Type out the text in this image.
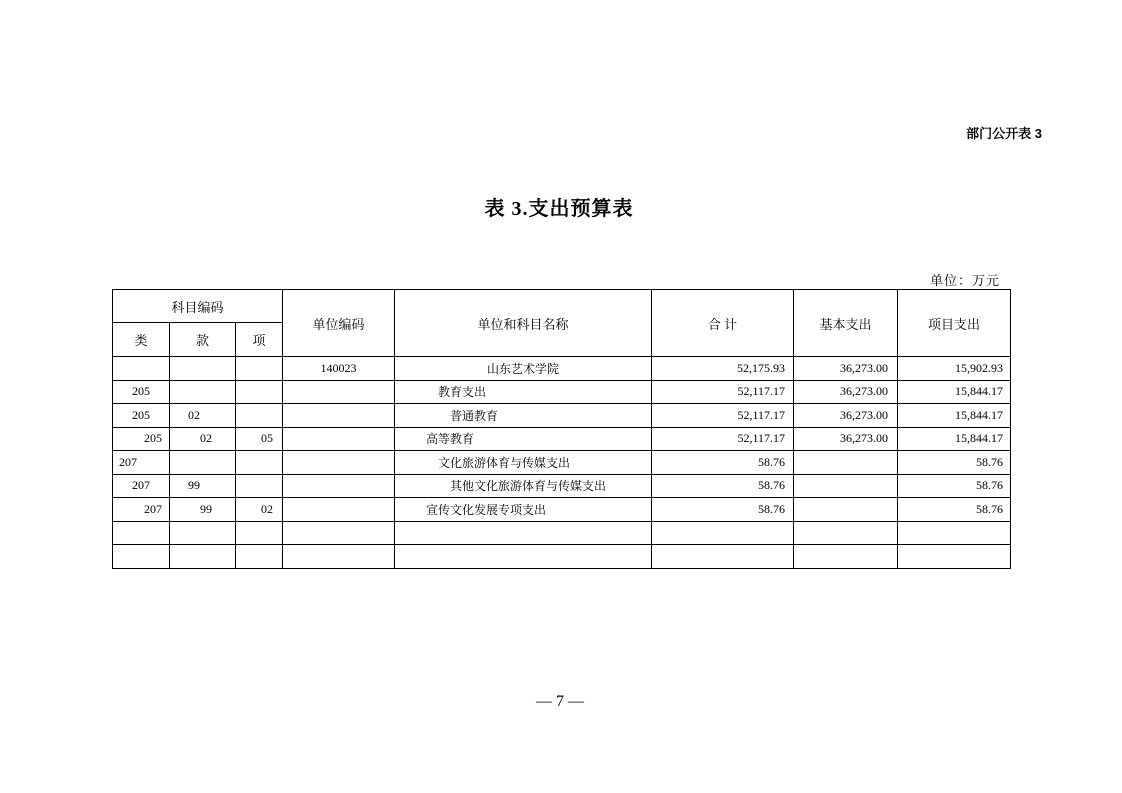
部门公开表 3
表 3.支出预算表
单位：万元
科目编码			单位编码	单位和科目名称	合 计	基本支出	项目支出
类	款	项					
			140023	山东艺术学院	52,175.93	36,273.00	15,902.93
205				教育支出	52,117.17	36,273.00	15,844.17
205	02			普通教育	52,117.17	36,273.00	15,844.17
205	02	05		高等教育	52,117.17	36,273.00	15,844.17
207				文化旅游体育与传媒支出	58.76		58.76
207	99			其他文化旅游体育与传媒支出	58.76		58.76
207	99	02		宣传文化发展专项支出	58.76		58.76

— 7 —
